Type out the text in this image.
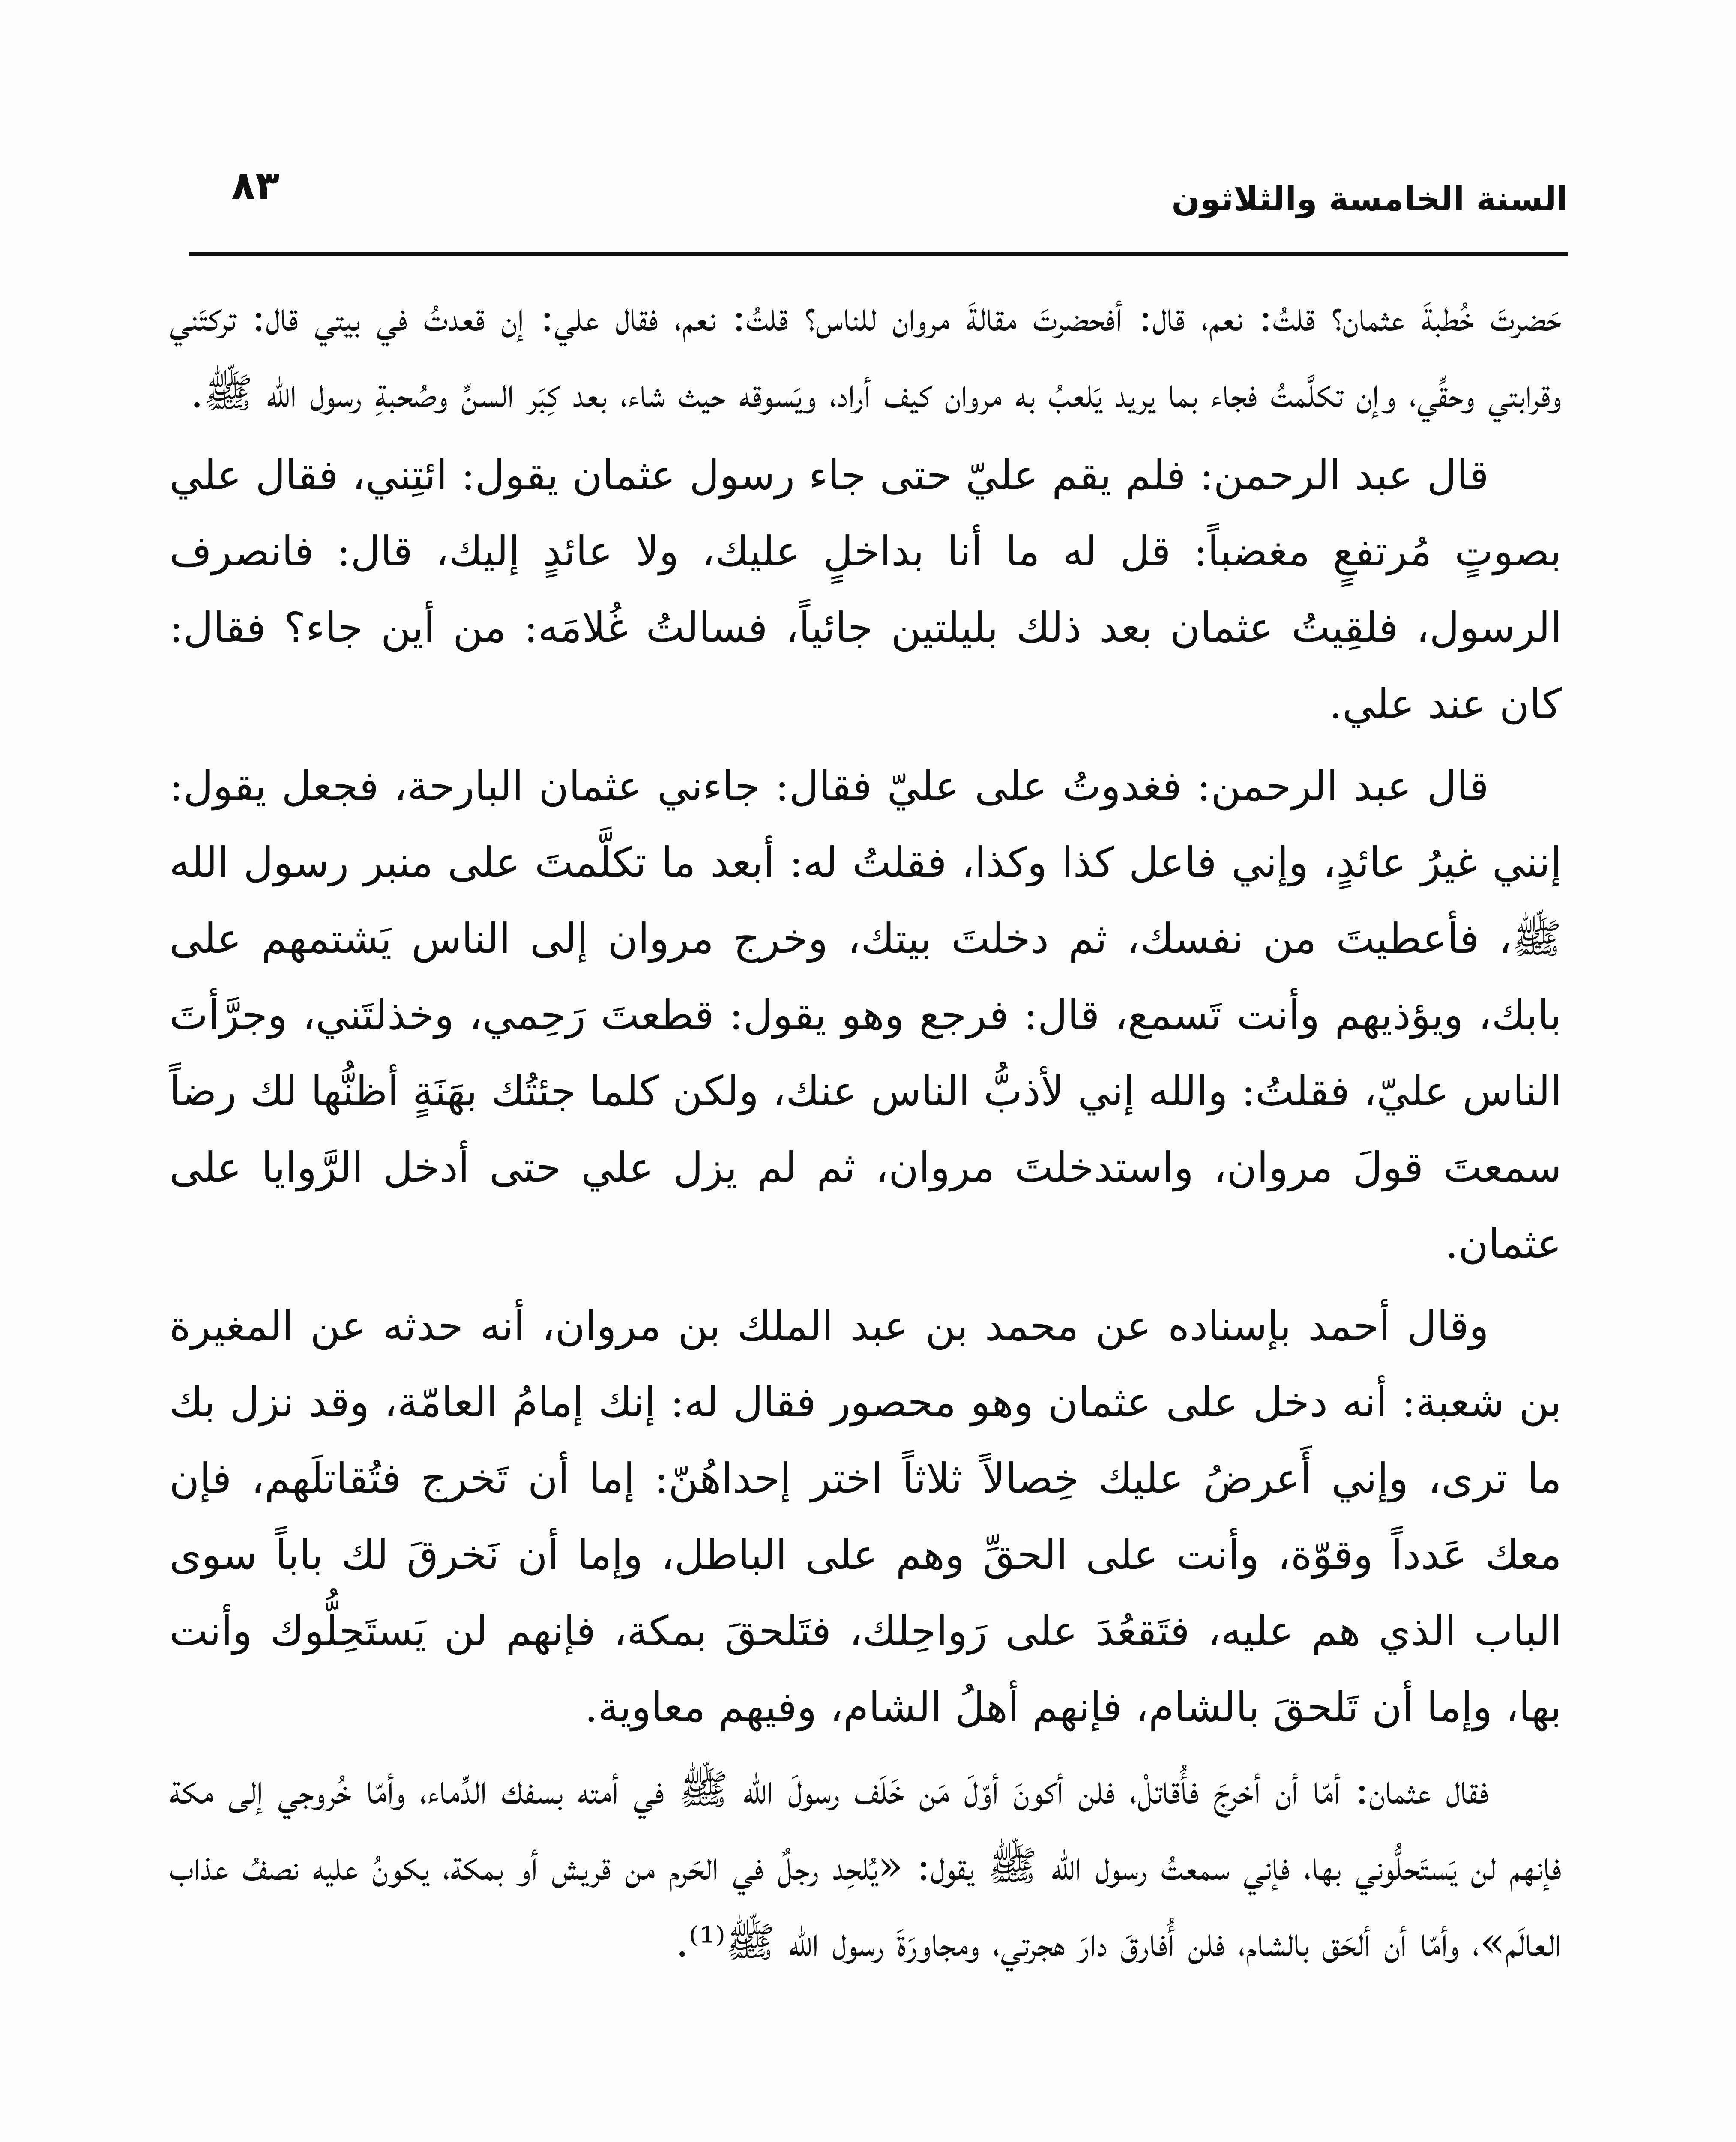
السنة الخامسة والثلاثون
٨٣

حَضرتَ خُطبةَ عثمان؟ قلتُ: نعم، قال: أفحضرتَ مقالةَ مروان للناس؟ قلتُ: نعم، فقال علي: إن قعدتُ في بيتي قال: تركتَني وقرابتي وحقِّي، وإن تكلَّمتُ فجاء بما يريد يَلعبُ به مروان كيف أراد، ويَسوقه حيث شاء، بعد كِبَر السنِّ وصُحبةِ رسول الله ﷺ.

قال عبد الرحمن: فلم يقم عليّ حتى جاء رسول عثمان يقول: ائتِني، فقال علي بصوتٍ مُرتفعٍ مغضباً: قل له ما أنا بداخلٍ عليك، ولا عائدٍ إليك، قال: فانصرف الرسول، فلقِيتُ عثمان بعد ذلك بليلتين جائياً، فسالتُ غُلامَه: من أين جاء؟ فقال: كان عند علي.

قال عبد الرحمن: فغدوتُ على عليّ فقال: جاءني عثمان البارحة، فجعل يقول: إنني غيرُ عائدٍ، وإني فاعل كذا وكذا، فقلتُ له: أبعد ما تكلَّمتَ على منبر رسول الله ﷺ، فأعطيتَ من نفسك، ثم دخلتَ بيتك، وخرج مروان إلى الناس يَشتمهم على بابك، ويؤذيهم وأنت تَسمع، قال: فرجع وهو يقول: قطعتَ رَحِمي، وخذلتَني، وجرَّأتَ الناس عليّ، فقلتُ: والله إني لأذبُّ الناس عنك، ولكن كلما جئتُك بهَنَةٍ أظنُّها لك رضاً سمعتَ قولَ مروان، واستدخلتَ مروان، ثم لم يزل علي حتى أدخل الرَّوايا على عثمان.

وقال أحمد بإسناده عن محمد بن عبد الملك بن مروان، أنه حدثه عن المغيرة بن شعبة: أنه دخل على عثمان وهو محصور فقال له: إنك إمامُ العامّة، وقد نزل بك ما ترى، وإني أَعرضُ عليك خِصالاً ثلاثاً اختر إحداهُنّ: إما أن تَخرج فتُقاتلَهم، فإن معك عَدداً وقوّة، وأنت على الحقِّ وهم على الباطل، وإما أن نَخرقَ لك باباً سوى الباب الذي هم عليه، فتَقعُدَ على رَواحِلك، فتَلحقَ بمكة، فإنهم لن يَستَحِلُّوك وأنت بها، وإما أن تَلحقَ بالشام، فإنهم أهلُ الشام، وفيهم معاوية.

فقال عثمان: أمّا أن أخرجَ فأُقاتلْ، فلن أكونَ أوّلَ مَن خَلَف رسولَ الله ﷺ في أمته بسفك الدِّماء، وأمّا خُروجي إلى مكة فإنهم لن يَستَحلُّوني بها، فإني سمعتُ رسول الله ﷺ يقول: «يُلحِد رجلٌ في الحَرم من قريش أو بمكة، يكونُ عليه نصفُ عذاب العالَم»، وأمّا أن ألحَق بالشام، فلن أُفارقَ دارَ هجرتي، ومجاورَةَ رسول الله ﷺ⁽¹⁾.
